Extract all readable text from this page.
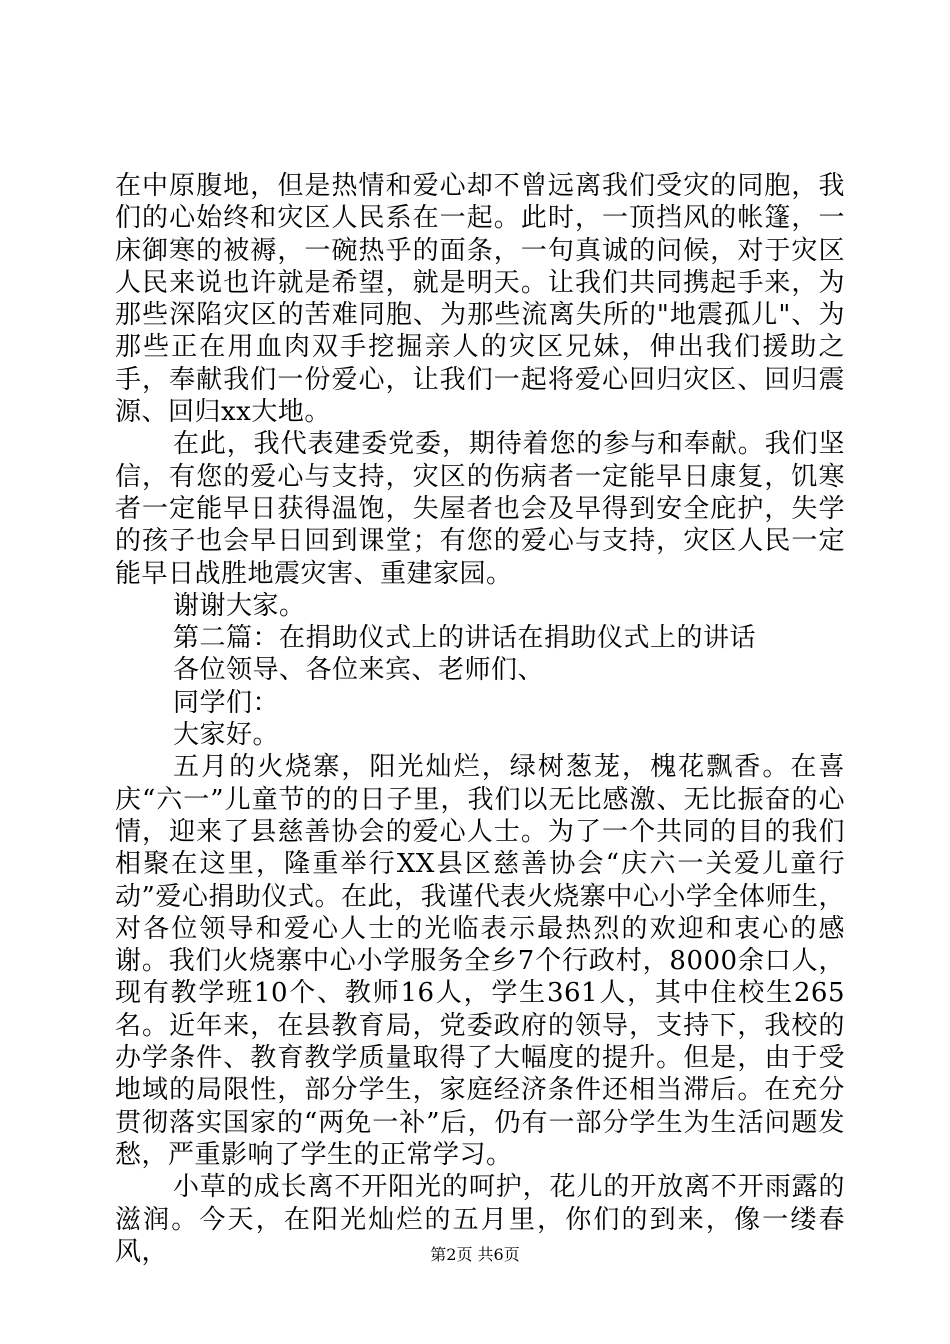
在中原腹地，但是热情和爱心却不曾远离我们受灾的同胞，我们的心始终和灾区人民系在一起。此时，一顶挡风的帐篷，一床御寒的被褥，一碗热乎的面条，一句真诚的问候，对于灾区人民来说也许就是希望，就是明天。让我们共同携起手来，为那些深陷灾区的苦难同胞、为那些流离失所的"地震孤儿"、为那些正在用血肉双手挖掘亲人的灾区兄妹，伸出我们援助之手，奉献我们一份爱心，让我们一起将爱心回归灾区、回归震源、回归xx大地。

在此，我代表建委党委，期待着您的参与和奉献。我们坚信，有您的爱心与支持，灾区的伤病者一定能早日康复，饥寒者一定能早日获得温饱，失屋者也会及早得到安全庇护，失学的孩子也会早日回到课堂；有您的爱心与支持，灾区人民一定能早日战胜地震灾害、重建家园。

谢谢大家。

第二篇：在捐助仪式上的讲话在捐助仪式上的讲话

各位领导、各位来宾、老师们、

同学们：

大家好。

五月的火烧寨，阳光灿烂，绿树葱茏，槐花飘香。在喜庆“六一”儿童节的的日子里，我们以无比感激、无比振奋的心情，迎来了县慈善协会的爱心人士。为了一个共同的目的我们相聚在这里，隆重举行XX县区慈善协会“庆六一关爱儿童行动”爱心捐助仪式。在此，我谨代表火烧寨中心小学全体师生，对各位领导和爱心人士的光临表示最热烈的欢迎和衷心的感谢。我们火烧寨中心小学服务全乡7个行政村，8000余口人，现有教学班10个、教师16人，学生361人，其中住校生265名。近年来，在县教育局，党委政府的领导，支持下，我校的办学条件、教育教学质量取得了大幅度的提升。但是，由于受地域的局限性，部分学生，家庭经济条件还相当滞后。在充分贯彻落实国家的“两免一补”后，仍有一部分学生为生活问题发愁，严重影响了学生的正常学习。

小草的成长离不开阳光的呵护，花儿的开放离不开雨露的滋润。今天，在阳光灿烂的五月里，你们的到来，像一缕春风，	第2页 共6页
